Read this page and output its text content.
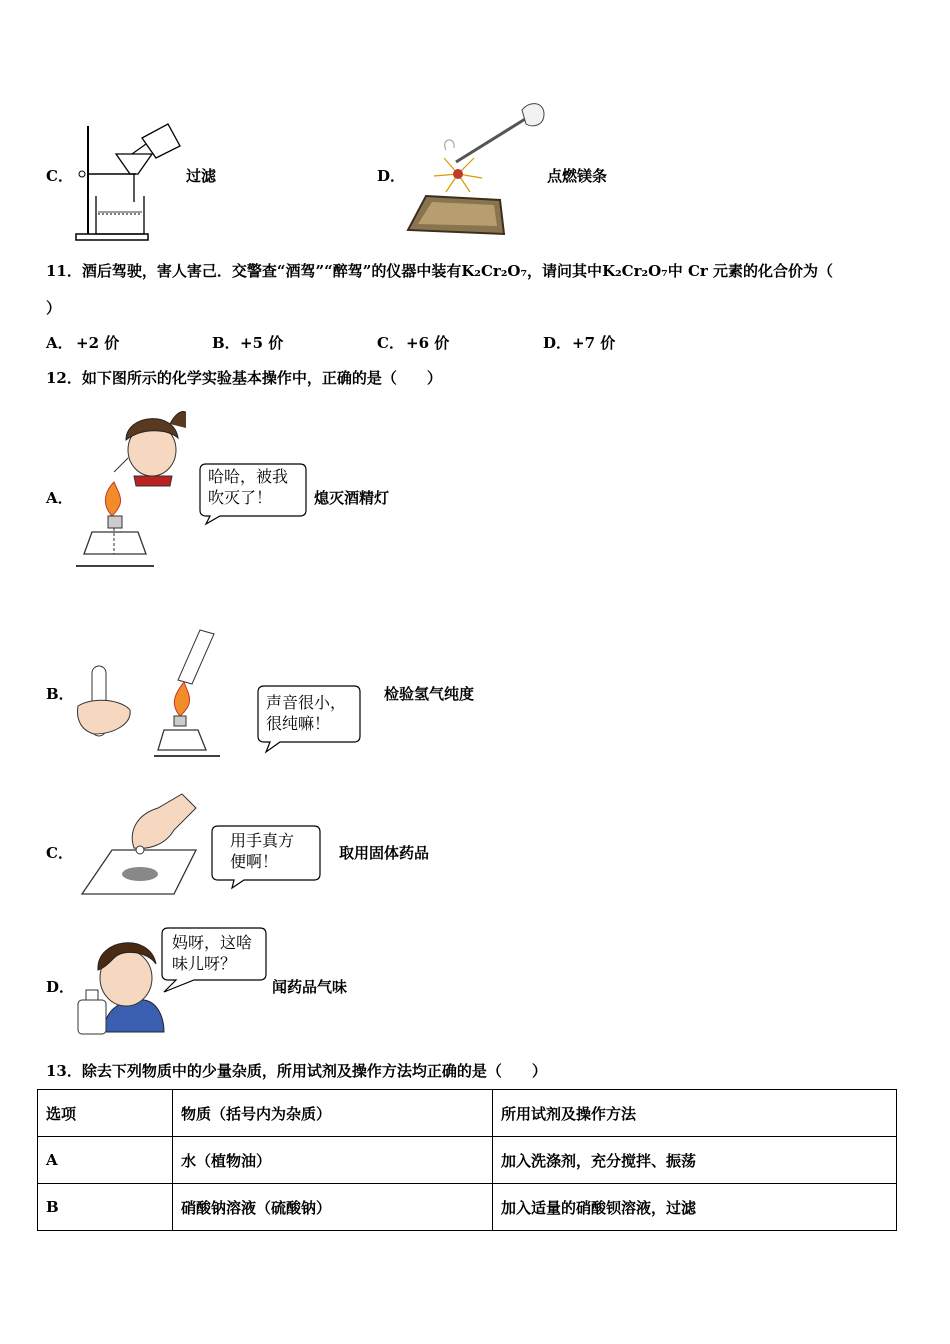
C．	过滤	D．	点燃镁条
11．酒后驾驶，害人害己．交警查“酒驾”“醉驾”的仪器中装有K₂Cr₂O₇，请问其中K₂Cr₂O₇中 Cr 元素的化合价为（
）
A． +2 价	B． +5 价	C． +6 价	D． +7 价
12．如下图所示的化学实验基本操作中，正确的是（　　）
A．
哈哈，被我
吹灭了！	熄灭酒精灯
B．	声音很小，
很纯嘛！
检验氢气纯度
C．
用手真方
便啊！	取用固体药品
D．
妈呀，这啥
味儿呀？
闻药品气味
13．除去下列物质中的少量杂质，所用试剂及操作方法均正确的是（　　）
选项	物质（括号内为杂质）	所用试剂及操作方法
A	水（植物油）	加入洗涤剂，充分搅拌、振荡
B	硝酸钠溶液（硫酸钠）	加入适量的硝酸钡溶液，过滤
